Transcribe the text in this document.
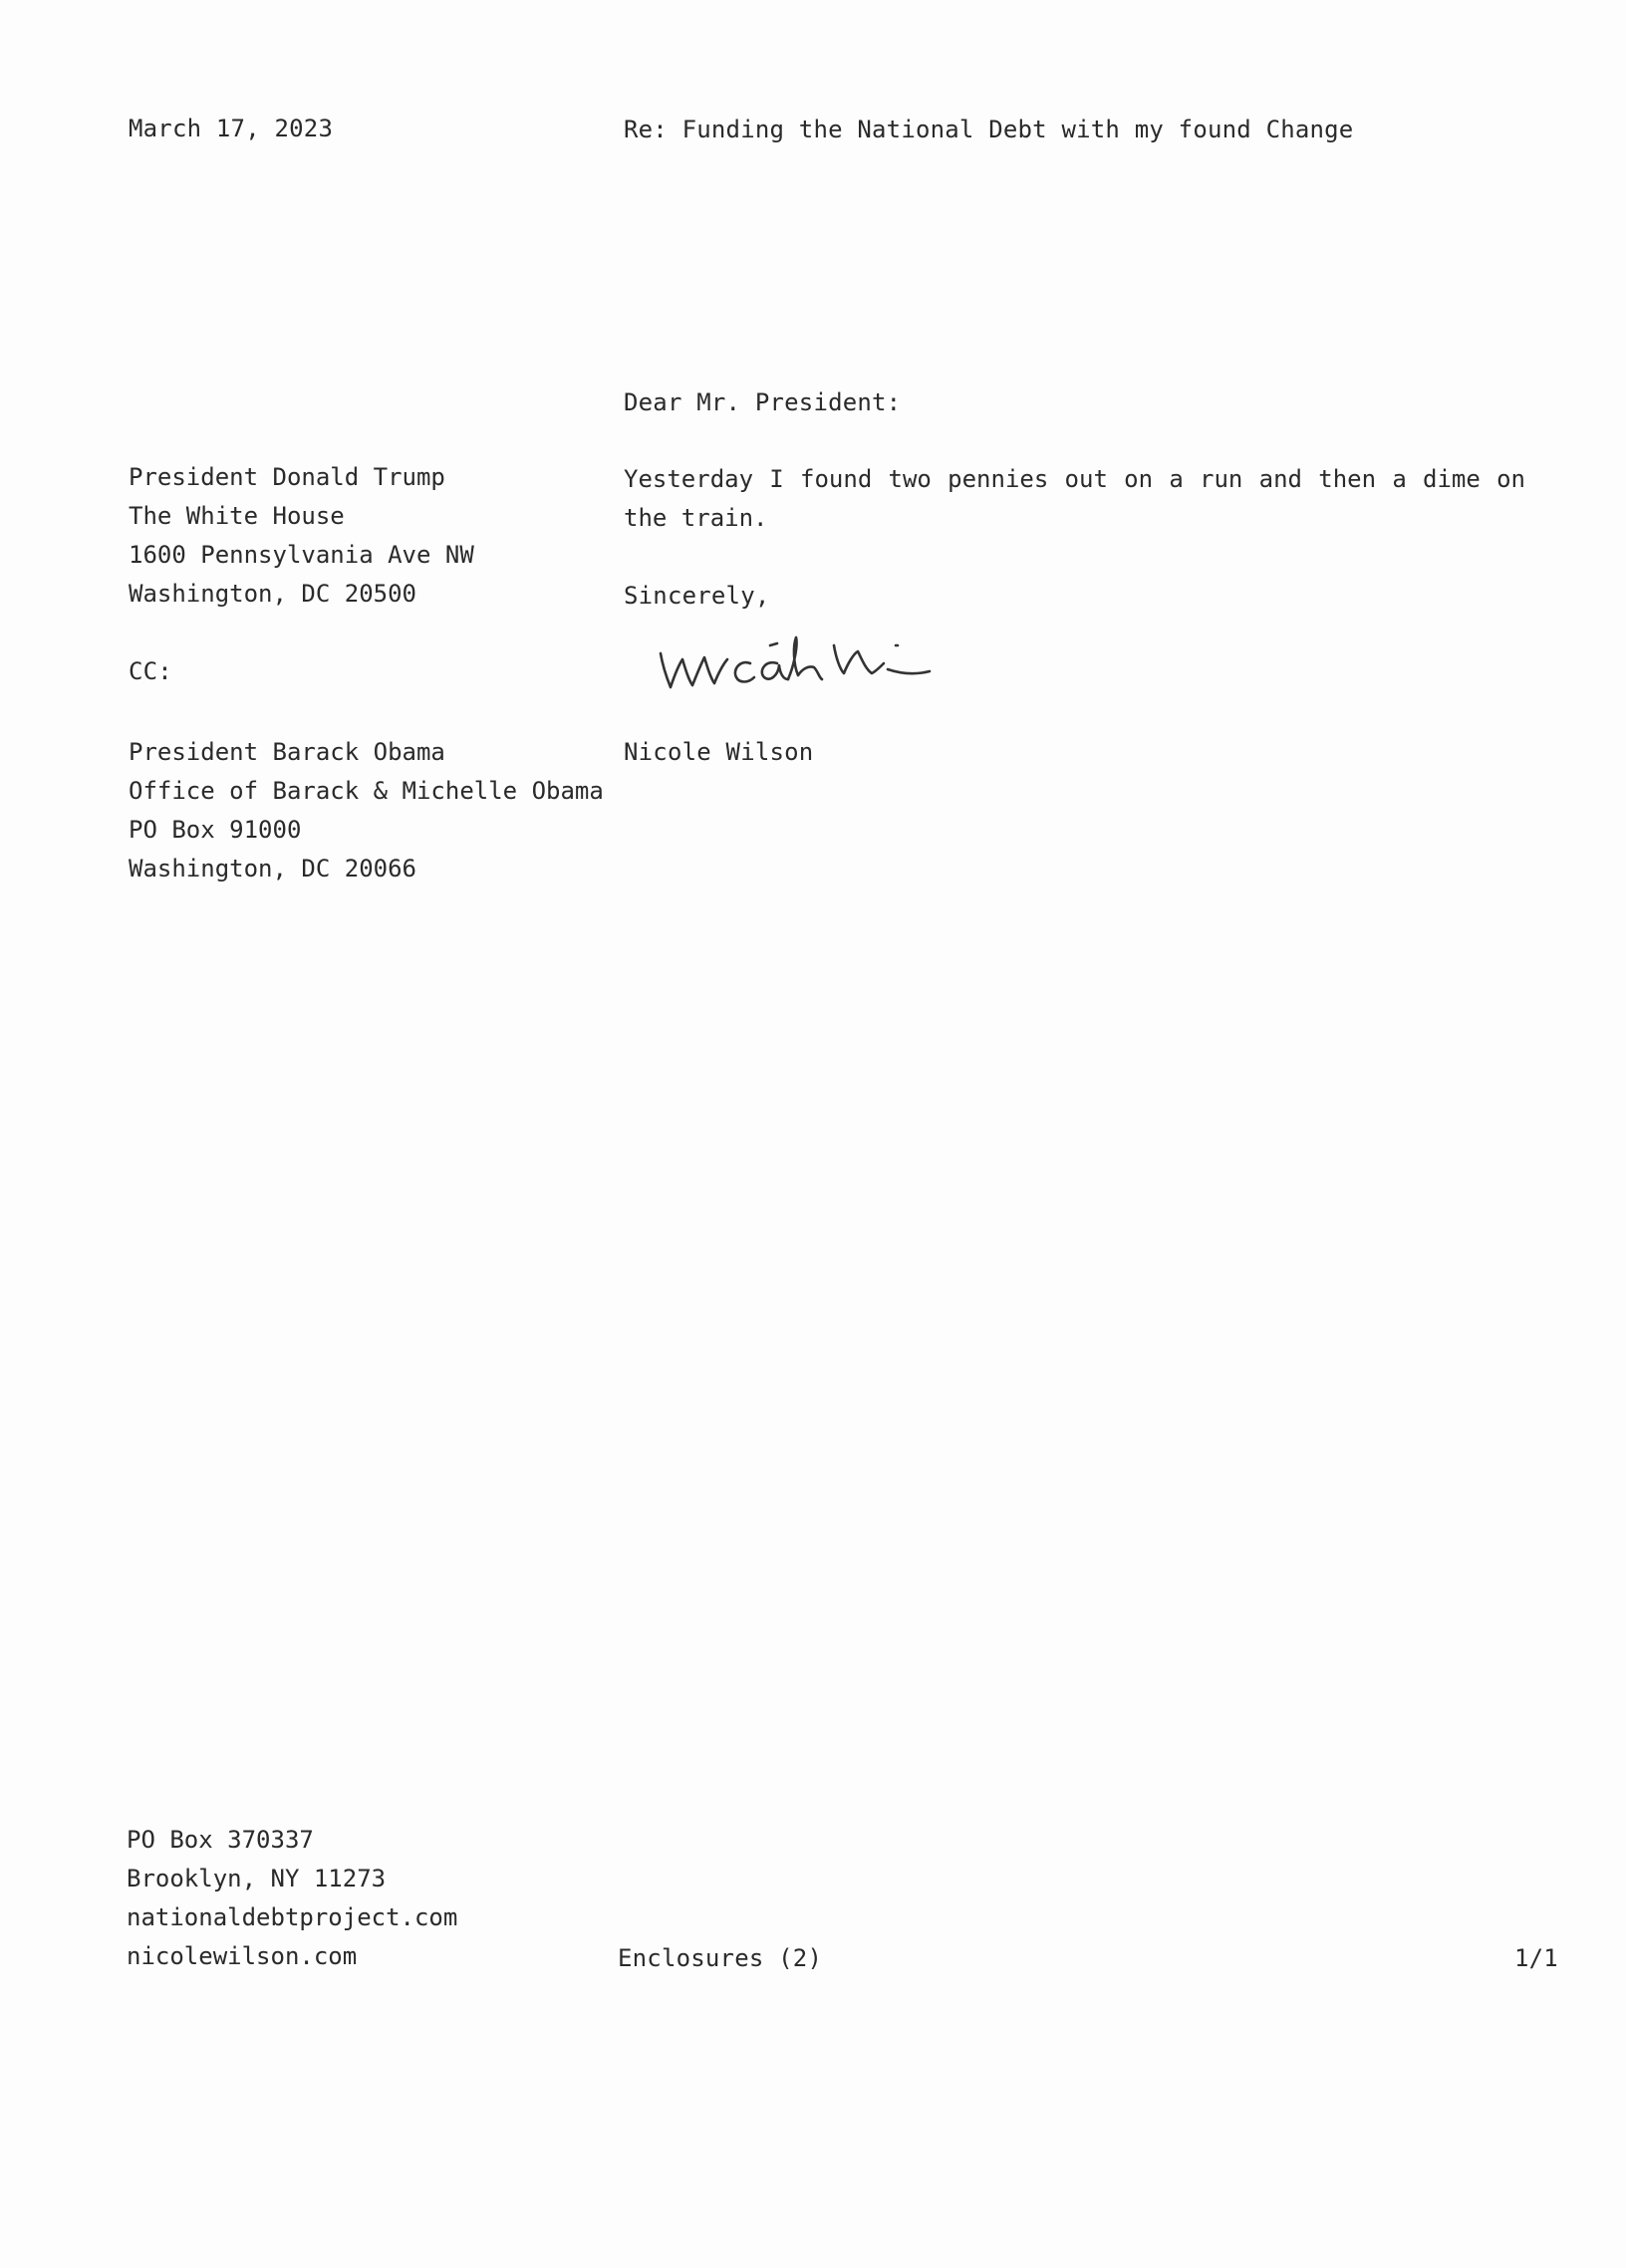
March 17, 2023	Re: Funding the National Debt with my found Change
Dear Mr. President:
President Donald Trump
The White House
1600 Pennsylvania Ave NW
Washington, DC 20500
Yesterday I found two pennies out on a run and then a dime on the train.
Sincerely,
CC:
President Barack Obama
Office of Barack & Michelle Obama
PO Box 91000
Washington, DC 20066
Nicole Wilson
PO Box 370337
Brooklyn, NY 11273
nationaldebtproject.com
nicolewilson.com	Enclosures (2)	1/1
